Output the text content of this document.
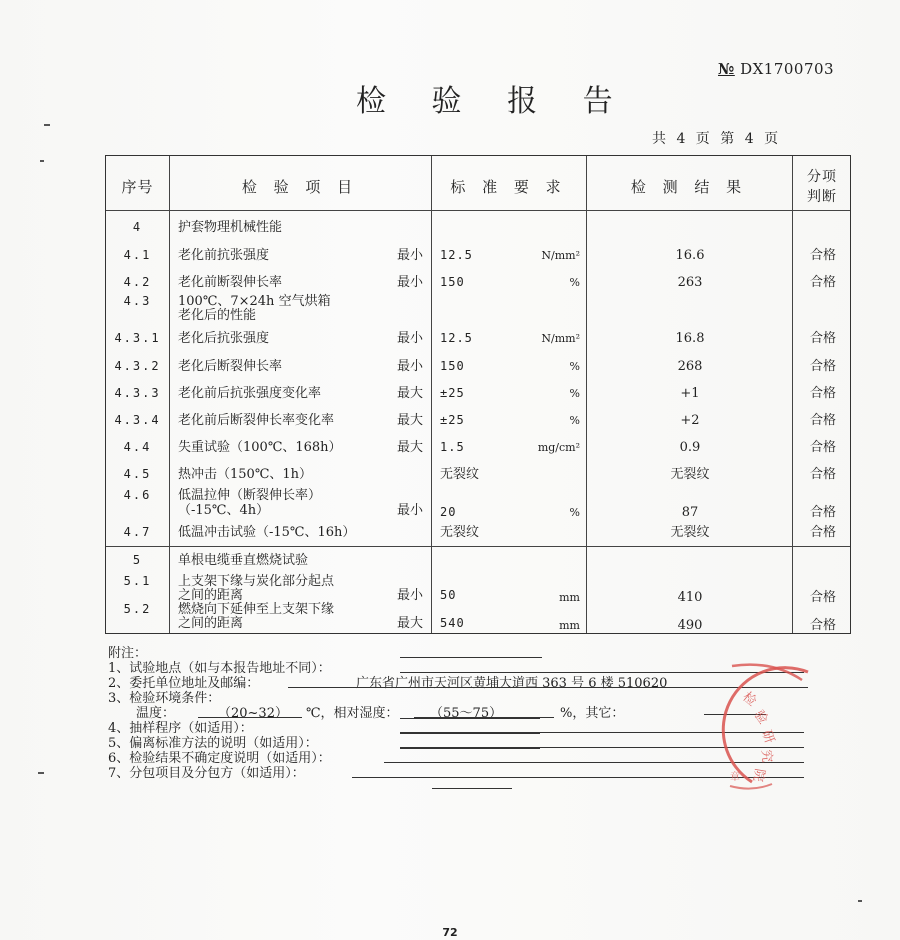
№ DX1700703
检 验 报 告
共 4 页 第 4 页
序号	检 验 项 目	标 准 要 求	检 测 结 果
分项
判断
4	护套物理机械性能
4.1	老化前抗张强度	最小	12.5	N/mm²	16.6	合格
4.2	老化前断裂伸长率	最小	150	%	263	合格
4.3	100℃、7×24h 空气烘箱
老化后的性能
4.3.1	老化后抗张强度	最小	12.5	N/mm²	16.8	合格
4.3.2	老化后断裂伸长率	最小	150	%	268	合格
4.3.3	老化前后抗张强度变化率	最大	±25	%	+1	合格
4.3.4	老化前后断裂伸长率变化率	最大	±25	%	+2	合格
4.4	失重试验（100℃、168h）	最大	1.5	mg/cm²	0.9	合格
4.5	热冲击（150℃、1h）	无裂纹	无裂纹	合格
4.6	低温拉伸（断裂伸长率）
（-15℃、4h）	最小	20	%	87	合格
4.7	低温冲击试验（-15℃、16h）	无裂纹	无裂纹	合格
5	单根电缆垂直燃烧试验
5.1	上支架下缘与炭化部分起点
之间的距离	最小	50	mm	410	合格
5.2	燃烧向下延伸至上支架下缘
之间的距离	最大	540	mm	490	合格
附注：
1、试验地点（如与本报告地址不同）：
2、委托单位地址及邮编：	广东省广州市天河区黄埔大道西 363 号 6 楼 510620
3、检验环境条件：
温度：	（20~32） ℃，相对湿度： （55～75）	%，其它：
4、抽样程序（如适用）：
5、偏离标准方法的说明（如适用）：
6、检验结果不确定度说明（如适用）：
7、分包项目及分包方（如适用）：
检
验
研
究
院
章
72
